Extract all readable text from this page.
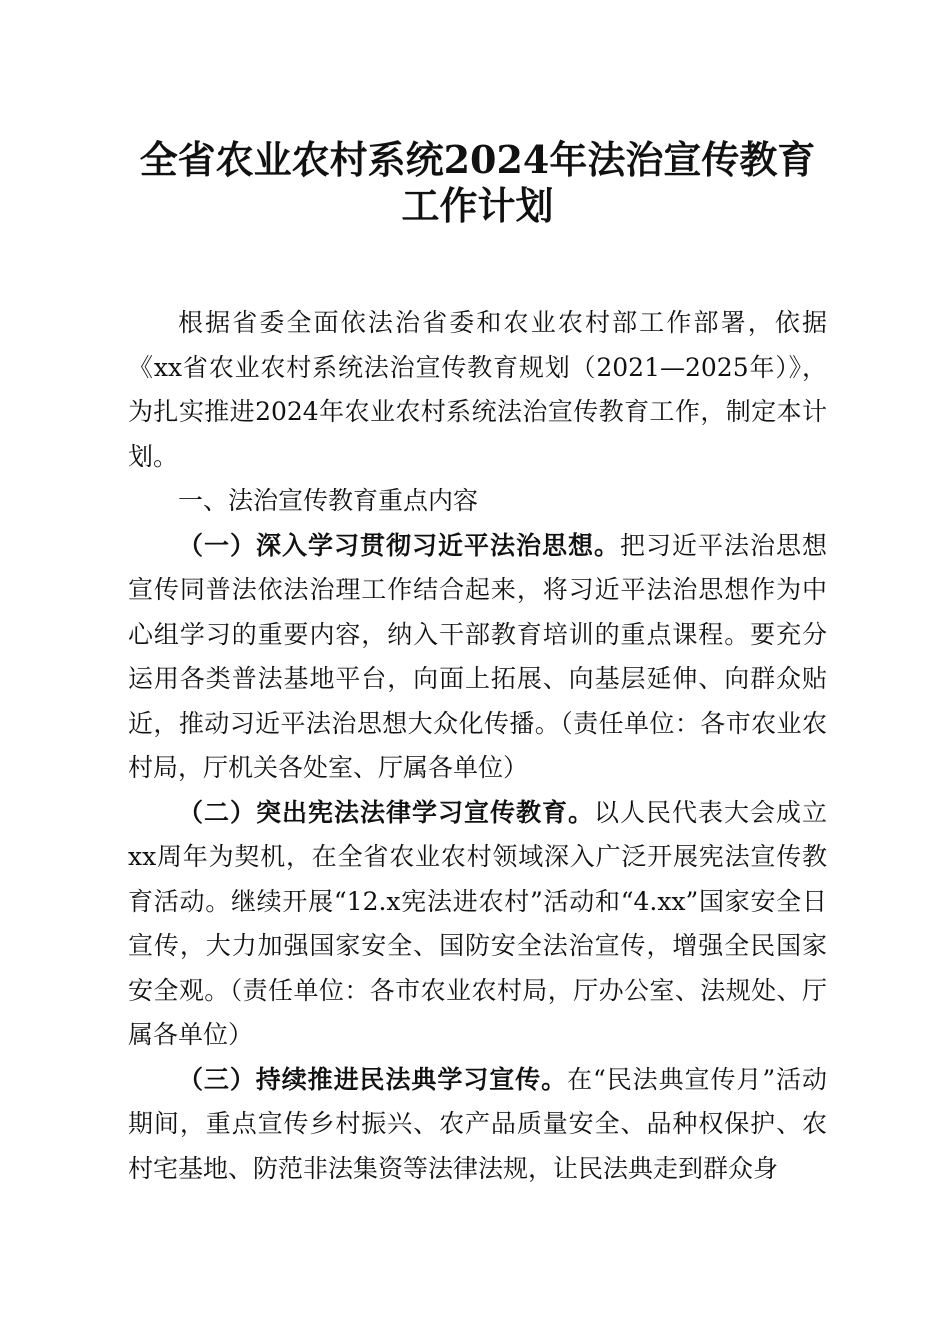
全省农业农村系统2024年法治宣传教育工作计划

根据省委全面依法治省委和农业农村部工作部署，依据《xx省农业农村系统法治宣传教育规划（2021—2025年）》，为扎实推进2024年农业农村系统法治宣传教育工作，制定本计划。

一、法治宣传教育重点内容

（一）深入学习贯彻习近平法治思想。把习近平法治思想宣传同普法依法治理工作结合起来，将习近平法治思想作为中心组学习的重要内容，纳入干部教育培训的重点课程。要充分运用各类普法基地平台，向面上拓展、向基层延伸、向群众贴近，推动习近平法治思想大众化传播。（责任单位：各市农业农村局，厅机关各处室、厅属各单位）

（二）突出宪法法律学习宣传教育。以人民代表大会成立xx周年为契机，在全省农业农村领域深入广泛开展宪法宣传教育活动。继续开展“12.x宪法进农村”活动和“4.xx”国家安全日宣传，大力加强国家安全、国防安全法治宣传，增强全民国家安全观。（责任单位：各市农业农村局，厅办公室、法规处、厅属各单位）

（三）持续推进民法典学习宣传。在“民法典宣传月”活动期间，重点宣传乡村振兴、农产品质量安全、品种权保护、农村宅基地、防范非法集资等法律法规，让民法典走到群众身
